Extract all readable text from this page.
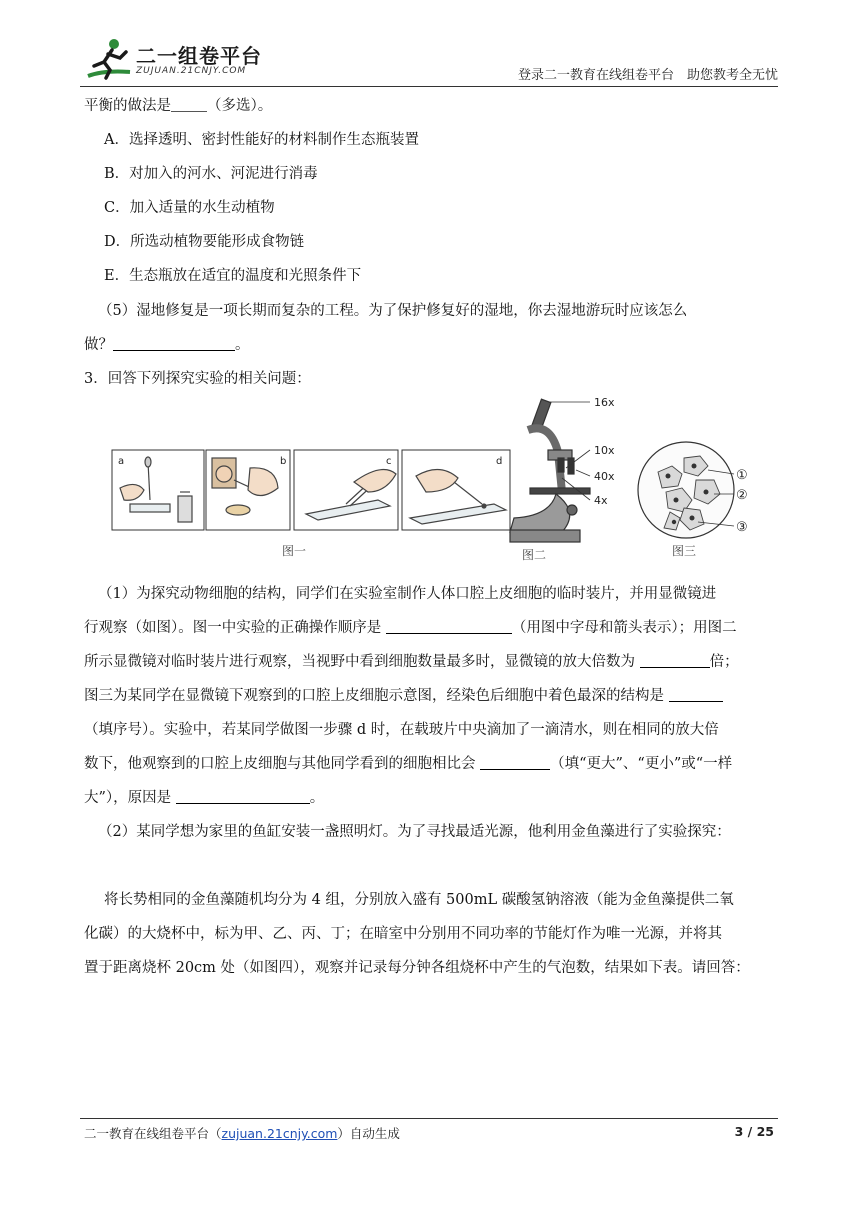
二一组卷平台
ZUJUAN.21CNJY.COM	登录二一教育在线组卷平台　助您教考全无忧
平衡的做法是 （多选）。
A．选择透明、密封性能好的材料制作生态瓶装置
B．对加入的河水、河泥进行消毒
C．加入适量的水生动植物
D．所选动植物要能形成食物链
E．生态瓶放在适宜的温度和光照条件下
（5）湿地修复是一项长期而复杂的工程。为了保护修复好的湿地，你去湿地游玩时应该怎么
做？	。
3．回答下列探究实验的相关问题：
a	b	c	d
16x
10x
40x
4x
①
②
③
图一	图二	图三
（1）为探究动物细胞的结构，同学们在实验室制作人体口腔上皮细胞的临时装片，并用显微镜进
行观察（如图）。图一中实验的正确操作顺序是	（用图中字母和箭头表示）；用图二
所示显微镜对临时装片进行观察，当视野中看到细胞数量最多时，显微镜的放大倍数为	倍；
图三为某同学在显微镜下观察到的口腔上皮细胞示意图，经染色后细胞中着色最深的结构是
（填序号）。实验中，若某同学做图一步骤 d 时，在载玻片中央滴加了一滴清水，则在相同的放大倍
数下，他观察到的口腔上皮细胞与其他同学看到的细胞相比会	（填“更大”、“更小”或“一样
大”），原因是	。
（2）某同学想为家里的鱼缸安装一盏照明灯。为了寻找最适光源，他利用金鱼藻进行了实验探究：
将长势相同的金鱼藻随机均分为 4 组，分别放入盛有 500mL 碳酸氢钠溶液（能为金鱼藻提供二氧
化碳）的大烧杯中，标为甲、乙、丙、丁；在暗室中分别用不同功率的节能灯作为唯一光源，并将其
置于距离烧杯 20cm 处（如图四），观察并记录每分钟各组烧杯中产生的气泡数，结果如下表。请回答：
二一教育在线组卷平台（zujuan.21cnjy.com）自动生成	3 / 25
